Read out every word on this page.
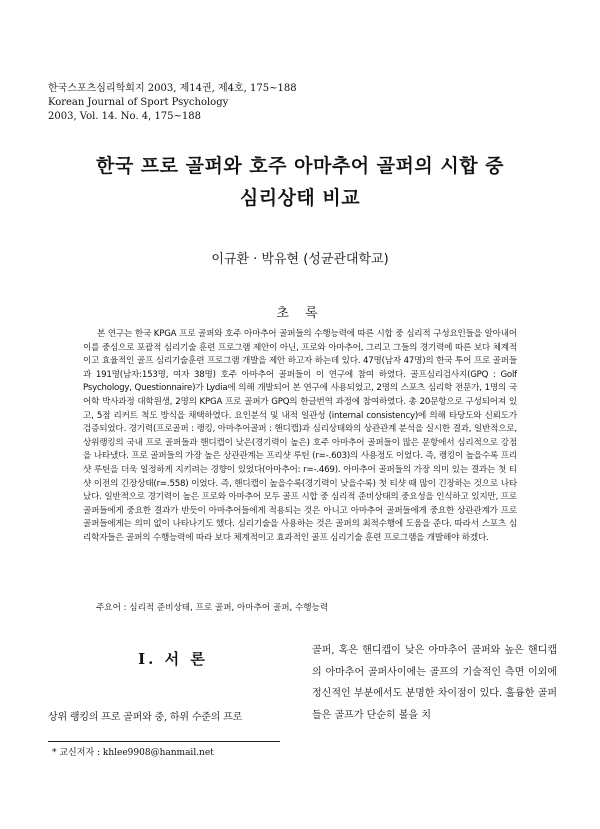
한국스포츠심리학회지 2003, 제14권, 제4호, 175~188
Korean Journal of Sport Psychology
2003, Vol. 14. No. 4, 175~188
한국 프로 골퍼와 호주 아마추어 골퍼의 시합 중
심리상태 비교
이규환 · 박유현 (성균관대학교)
초 록

본 연구는 한국 KPGA 프로 골퍼와 호주 아마추어 골퍼들의 수행능력에 따른 시합 중 심리적 구성요인들을 알아내어 이를 중심으로 포괄적 심리기술 훈련 프로그램 제안이 아닌, 프로와 아마추어, 그리고 그들의 경기력에 따른 보다 체계적이고 효율적인 골프 심리기술훈련 프로그램 개발을 제안 하고자 하는데 있다. 47명(남자 47명)의 한국 투어 프로 골퍼들과 191명(남자:153명, 여자 38명) 호주 아마추어 골퍼들이 이 연구에 참여 하였다. 골프심리검사지(GPQ : Golf Psychology, Questionnaire)가 Lydia에 의해 개발되어 본 연구에 사용되었고, 2명의 스포츠 심리학 전문가, 1명의 국어학 박사과정 대학원생, 2명의 KPGA 프로 골퍼가 GPQ의 한글번역 과정에 참여하였다. 총 20문항으로 구성되어져 있고, 5점 리커트 척도 방식을 채택하였다. 요인분석 및 내적 일관성 (internal consistency)에 의해 타당도와 신뢰도가 검증되었다. 경기력(프로골퍼 : 랭킹, 아마추어골퍼 : 핸디캡)과 심리상태와의 상관관계 분석을 실시한 결과, 일반적으로, 상위랭킹의 국내 프로 골퍼들과 핸디캡이 낮은(경기력이 높은) 호주 아마추어 골퍼들이 많은 문항에서 심리적으로 강점을 나타냈다. 프로 골퍼들의 가장 높은 상관관계는 프리샷 루틴 (r=-.603)의 사용정도 이었다. 즉, 랭킹이 높을수록 프리샷 루틴을 더욱 일정하게 지키려는 경향이 있었다(아마추어: r=-.469). 아마추어 골퍼들의 가장 의미 있는 결과는 첫 티샷 이전의 긴장상태(r=.558) 이었다. 즉, 핸디캡이 높을수록(경기력이 낮을수록) 첫 티샷 때 많이 긴장하는 것으로 나타났다. 일반적으로 경기력이 높은 프로와 아마추어 모두 골프 시합 중 심리적 준비상태의 중요성을 인식하고 있지만, 프로 골퍼들에게 중요한 결과가 반듯이 아마추어들에게 적용되는 것은 아니고 아마추어 골퍼들에게 중요한 상관관계가 프로 골퍼들에게는 의미 없이 나타나기도 했다. 심리기술을 사용하는 것은 골퍼의 최적수행에 도움을 준다. 따라서 스포츠 심리학자들은 골퍼의 수행능력에 따라 보다 체계적이고 효과적인 골프 심리기술 훈련 프로그램을 개발해야 하겠다.

주요어 : 심리적 준비상태, 프로 골퍼, 아마추어 골퍼, 수행능력
I. 서 론

상위 랭킹의 프로 골퍼와 중, 하위 수준의 프로

골퍼, 혹은 핸디캡이 낮은 아마추어 골퍼와 높은 핸디캡의 아마추어 골퍼사이에는 골프의 기술적인 측면 이외에 정신적인 부분에서도 분명한 차이점이 있다. 훌륭한 골퍼들은 골프가 단순히 볼을 치

* 교신저자 : khlee9908@hanmail.net
